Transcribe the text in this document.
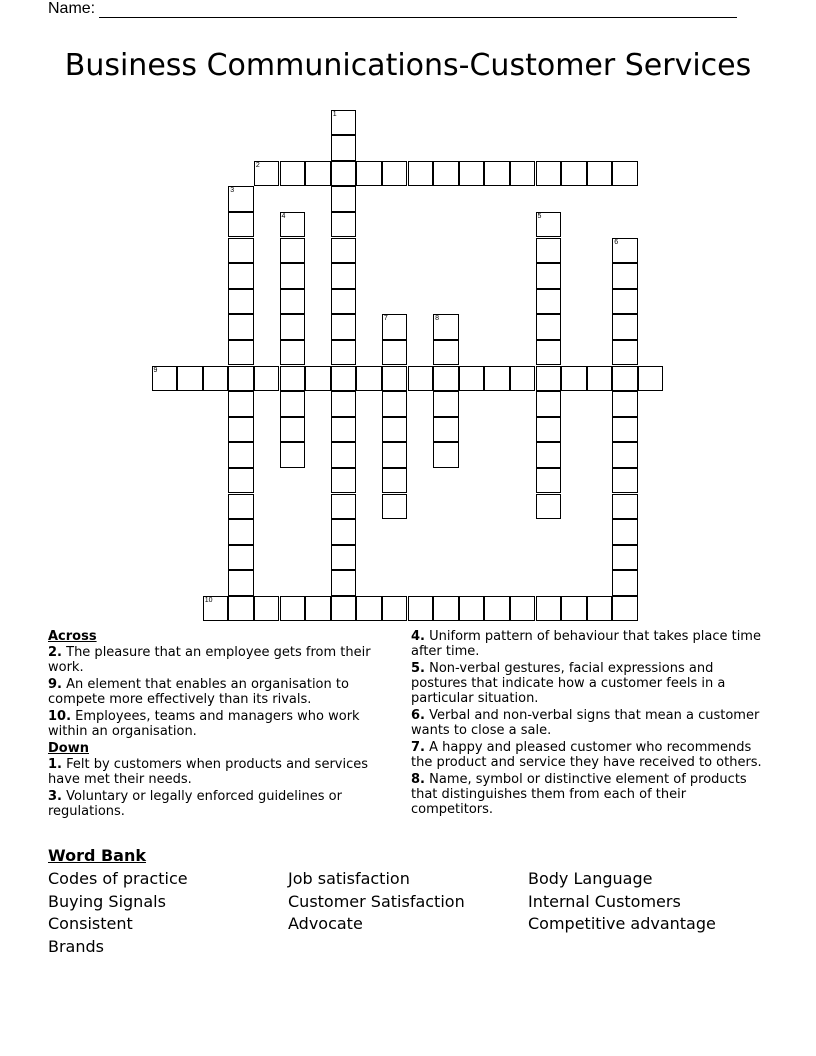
Name:
Business Communications-Customer Services
1
2
3
4	5
6
7	8
9
10
Across
2. The pleasure that an employee gets from their work.
9. An element that enables an organisation to compete more effectively than its rivals.
10. Employees, teams and managers who work within an organisation.
Down
1. Felt by customers when products and services have met their needs.
3. Voluntary or legally enforced guidelines or regulations.
4. Uniform pattern of behaviour that takes place time after time.
5. Non-verbal gestures, facial expressions and postures that indicate how a customer feels in a particular situation.
6. Verbal and non-verbal signs that mean a customer wants to close a sale.
7. A happy and pleased customer who recommends the product and service they have received to others.
8. Name, symbol or distinctive element of products that distinguishes them from each of their competitors.
Word Bank
Codes of practice	Job satisfaction	Body Language
Buying Signals	Customer Satisfaction	Internal Customers
Consistent	Advocate	Competitive advantage
Brands
